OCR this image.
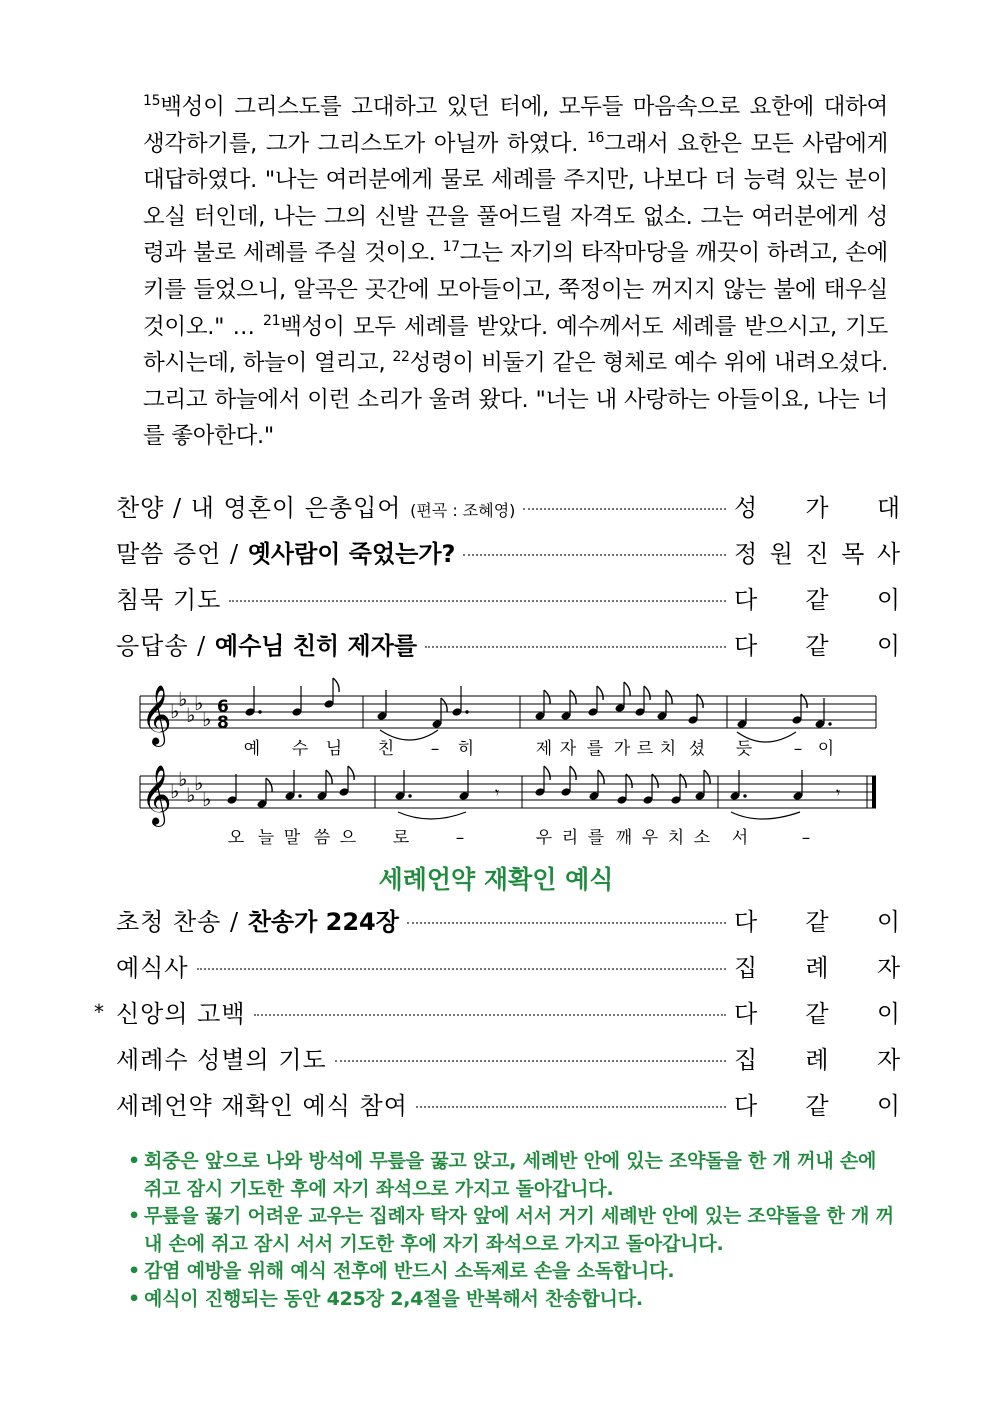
$^{15}$백성이 그리스도를 고대하고 있던 터에, 모두들 마음속으로 요한에 대하여 생각하기를, 그가 그리스도가 아닐까 하였다. $^{16}$그래서 요한은 모든 사람에게 대답하였다. "나는 여러분에게 물로 세례를 주지만, 나보다 더 능력 있는 분이 오실 터인데, 나는 그의 신발 끈을 풀어드릴 자격도 없소. 그는 여러분에게 성령과 불로 세례를 주실 것이오. $^{17}$그는 자기의 타작마당을 깨끗이 하려고, 손에 키를 들었으니, 알곡은 곳간에 모아들이고, 쭉정이는 꺼지지 않는 불에 태우실 것이오." … $^{21}$백성이 모두 세례를 받았다. 예수께서도 세례를 받으시고, 기도하시는데, 하늘이 열리고, $^{22}$성령이 비둘기 같은 형체로 예수 위에 내려오셨다. 그리고 하늘에서 이런 소리가 울려 왔다. "너는 내 사랑하는 아들이요, 나는 너를 좋아한다."

찬양 / 내 영혼이 은총입어 (편곡 : 조혜영)	성 가 대
말씀 증언 / 옛사람이 죽었는가?	정 원 진 목 사
침묵 기도	다 같 이
응답송 / 예수님 친히 제자를	다 같 이
𝄞
𝄞
♭
♭
♭
♭
♭
♭
♭
♭
♭
♭
6
8
𝄾	𝄾
예 수 님 친 – 히	제 자 를 가 르 치 셨 듯 – 이
오 늘 말 씀 으 로	–	우 리 를 깨 우 치 소 서	–
세례언약 재확인 예식
초청 찬송 / 찬송가 224장	다 같 이
예식사	집 례 자
* 신앙의 고백	다 같 이
세례수 성별의 기도	집 례 자
세례언약 재확인 예식 참여	다 같 이

• 회중은 앞으로 나와 방석에 무릎을 꿇고 앉고, 세례반 안에 있는 조약돌을 한 개 꺼내 손에 쥐고 잠시 기도한 후에 자기 좌석으로 가지고 돌아갑니다.

• 무릎을 꿇기 어려운 교우는 집례자 탁자 앞에 서서 거기 세례반 안에 있는 조약돌을 한 개 꺼내 손에 쥐고 잠시 서서 기도한 후에 자기 좌석으로 가지고 돌아갑니다.

• 감염 예방을 위해 예식 전후에 반드시 소독제로 손을 소독합니다.

• 예식이 진행되는 동안 425장 2,4절을 반복해서 찬송합니다.
